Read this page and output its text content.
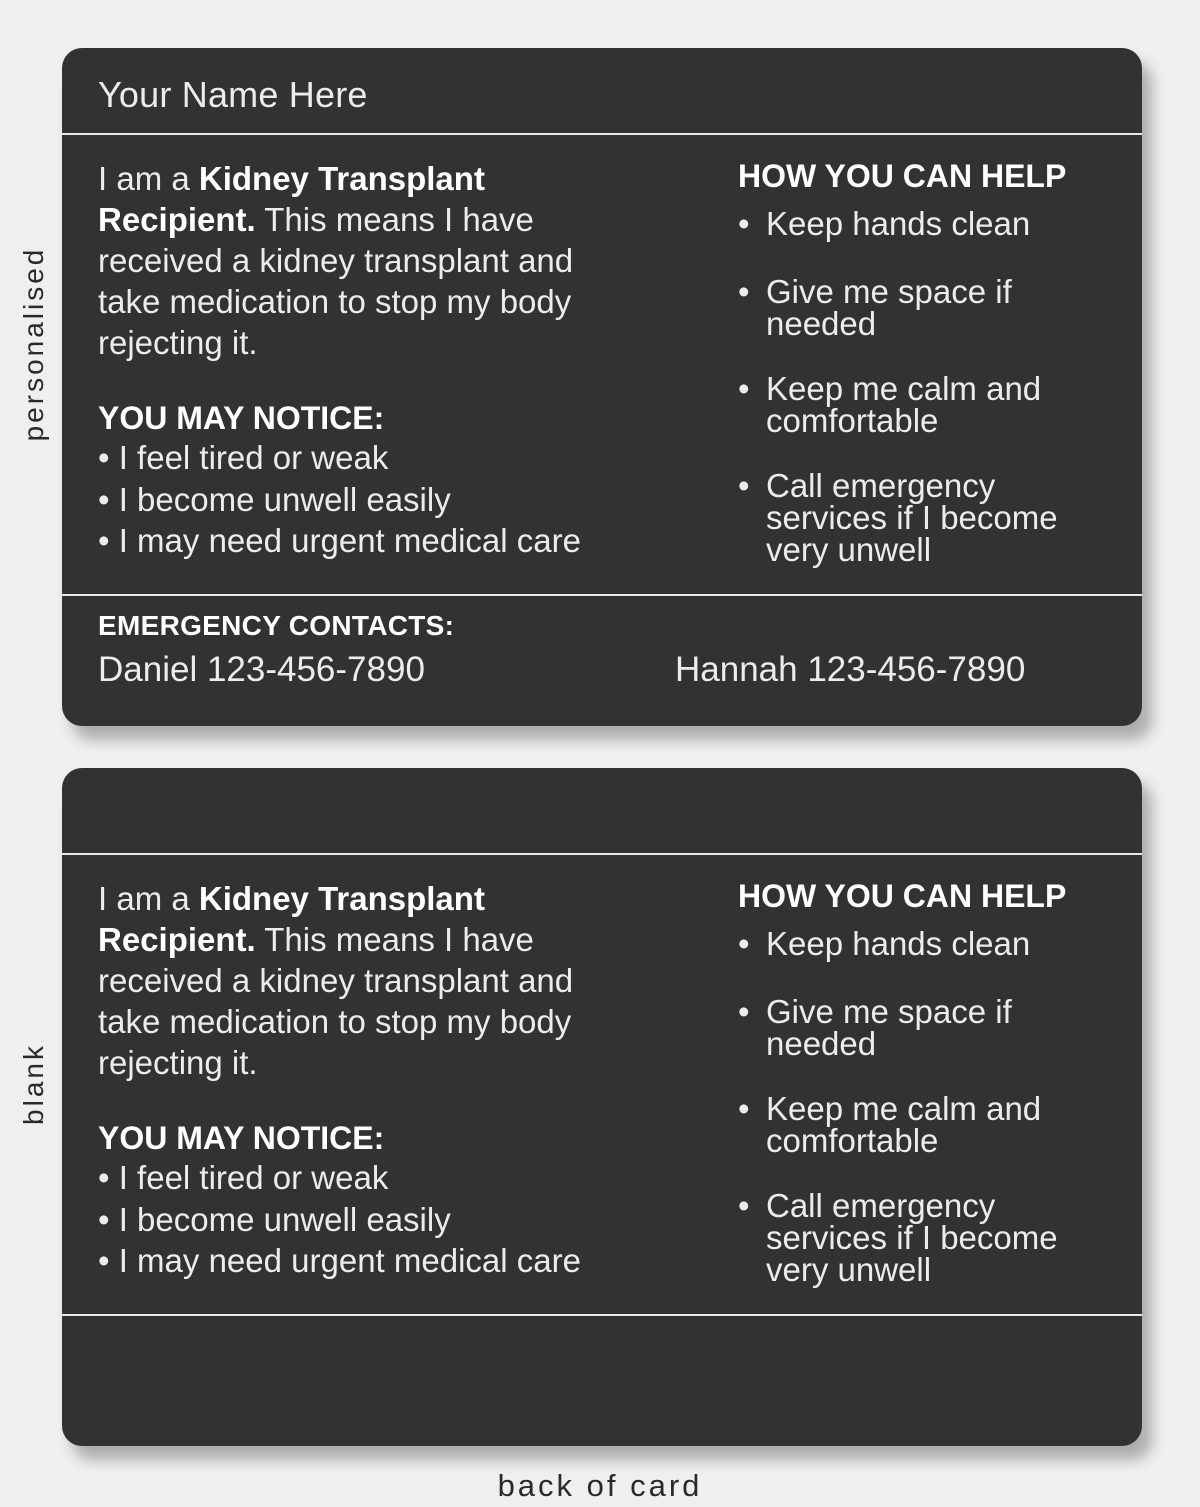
personalised
blank
Your Name Here
I am a Kidney Transplant Recipient. This means I have received a kidney transplant and take medication to stop my body rejecting it.
YOU MAY NOTICE:
• I feel tired or weak
• I become unwell easily
• I may need urgent medical care
HOW YOU CAN HELP
• Keep hands clean
• Give me space if needed
• Keep me calm and comfortable
• Call emergency services if I become very unwell
EMERGENCY CONTACTS:
Daniel 123-456-7890	Hannah 123-456-7890
I am a Kidney Transplant Recipient. This means I have received a kidney transplant and take medication to stop my body rejecting it.
YOU MAY NOTICE:
• I feel tired or weak
• I become unwell easily
• I may need urgent medical care
HOW YOU CAN HELP
• Keep hands clean
• Give me space if needed
• Keep me calm and comfortable
• Call emergency services if I become very unwell
back of card
